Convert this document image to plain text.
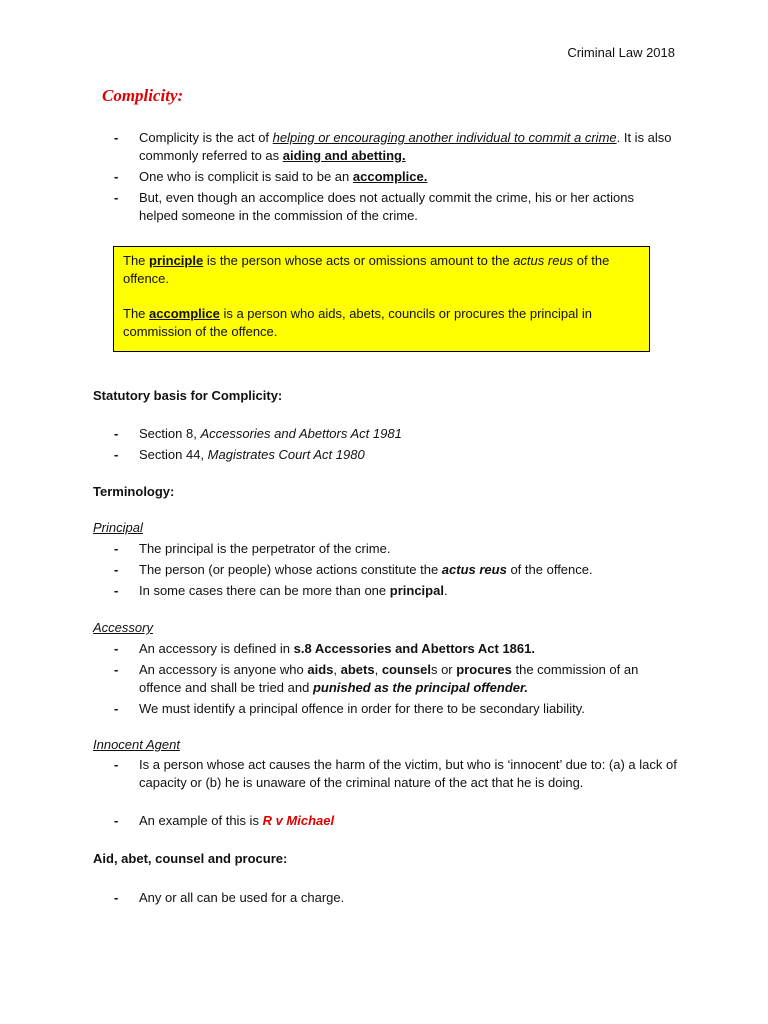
Criminal Law 2018
Complicity:
- Complicity is the act of helping or encouraging another individual to commit a crime. It is also commonly referred to as aiding and abetting.
- One who is complicit is said to be an accomplice.
- But, even though an accomplice does not actually commit the crime, his or her actions helped someone in the commission of the crime.

The principle is the person whose acts or omissions amount to the actus reus of the offence.

The accomplice is a person who aids, abets, councils or procures the principal in commission of the offence.

Statutory basis for Complicity:
- Section 8, Accessories and Abettors Act 1981
- Section 44, Magistrates Court Act 1980
Terminology:
Principal
- The principal is the perpetrator of the crime.
- The person (or people) whose actions constitute the actus reus of the offence.
- In some cases there can be more than one principal.
Accessory
- An accessory is defined in s.8 Accessories and Abettors Act 1861.
- An accessory is anyone who aids, abets, counsels or procures the commission of an offence and shall be tried and punished as the principal offender.
- We must identify a principal offence in order for there to be secondary liability.
Innocent Agent
- Is a person whose act causes the harm of the victim, but who is ‘innocent’ due to: (a) a lack of capacity or (b) he is unaware of the criminal nature of the act that he is doing.
- An example of this is R v Michael
Aid, abet, counsel and procure:
- Any or all can be used for a charge.
